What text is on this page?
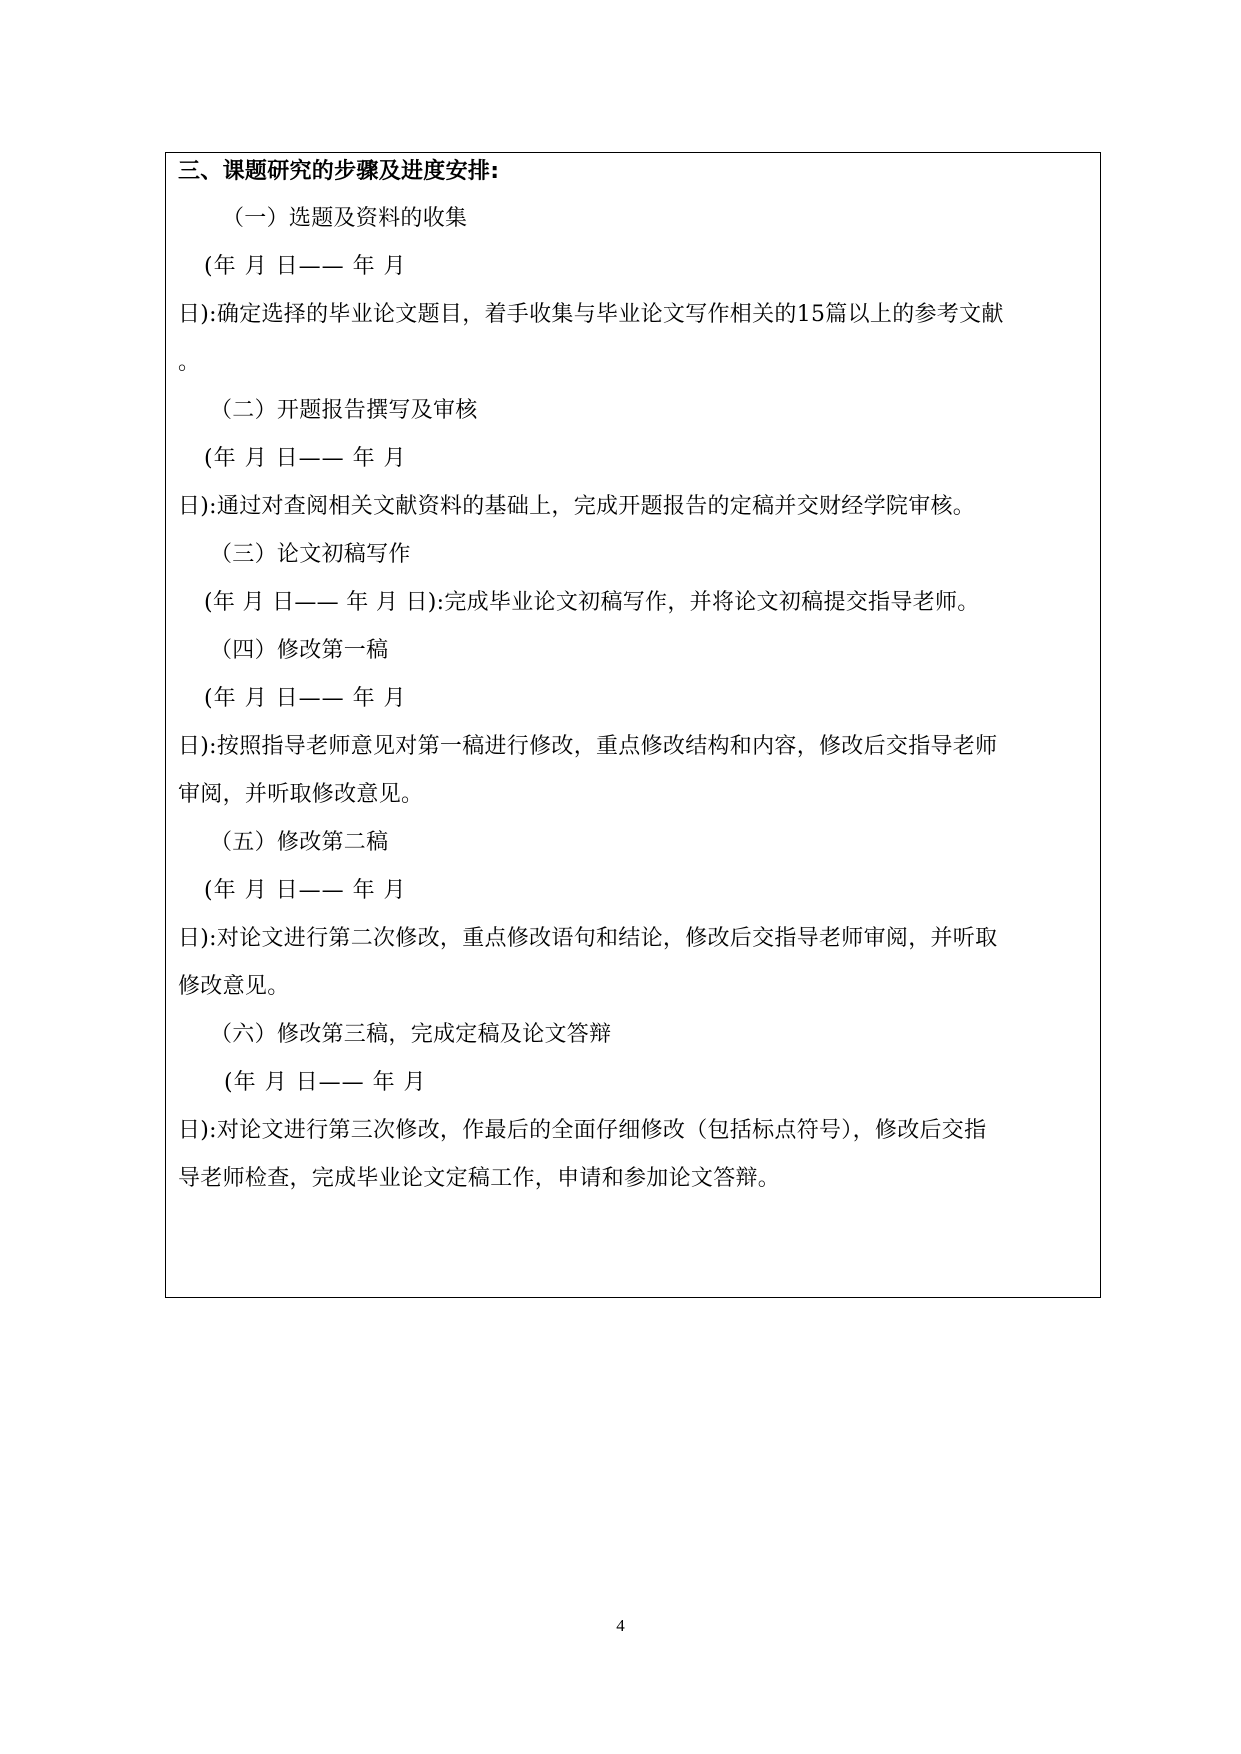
三、课题研究的步骤及进度安排:
（一）选题及资料的收集
(年 月 日—— 年 月
日):确定选择的毕业论文题目，着手收集与毕业论文写作相关的15篇以上的参考文献
。
（二）开题报告撰写及审核
(年 月 日—— 年 月
日):通过对查阅相关文献资料的基础上，完成开题报告的定稿并交财经学院审核。
（三）论文初稿写作
(年 月 日—— 年 月 日):完成毕业论文初稿写作，并将论文初稿提交指导老师。
（四）修改第一稿
(年 月 日—— 年 月
日):按照指导老师意见对第一稿进行修改，重点修改结构和内容，修改后交指导老师
审阅，并听取修改意见。
（五）修改第二稿
(年 月 日—— 年 月
日):对论文进行第二次修改，重点修改语句和结论，修改后交指导老师审阅，并听取
修改意见。
（六）修改第三稿，完成定稿及论文答辩
(年 月 日—— 年 月
日):对论文进行第三次修改，作最后的全面仔细修改（包括标点符号），修改后交指
导老师检查，完成毕业论文定稿工作，申请和参加论文答辩。
4
